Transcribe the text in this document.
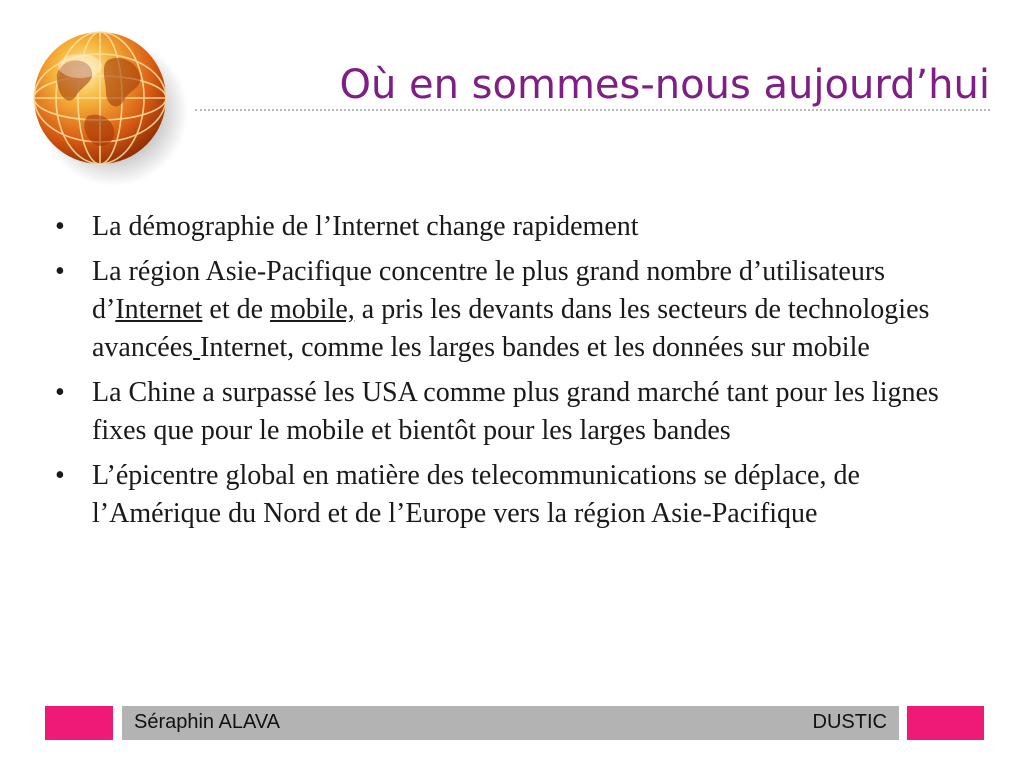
Où en sommes-nous aujourd’hui
• La démographie de l’Internet change rapidement
• La région Asie-Pacifique concentre le plus grand nombre d’utilisateurs d’Internet et de mobile, a pris les devants dans les secteurs de technologies avancées Internet, comme les larges bandes et les données sur mobile
• La Chine a surpassé les USA comme plus grand marché tant pour les lignes fixes que pour le mobile et bientôt pour les larges bandes
• L’épicentre global en matière des telecommunications se déplace, de l’Amérique du Nord et de l’Europe vers la région Asie-Pacifique
Séraphin ALAVA	DUSTIC
